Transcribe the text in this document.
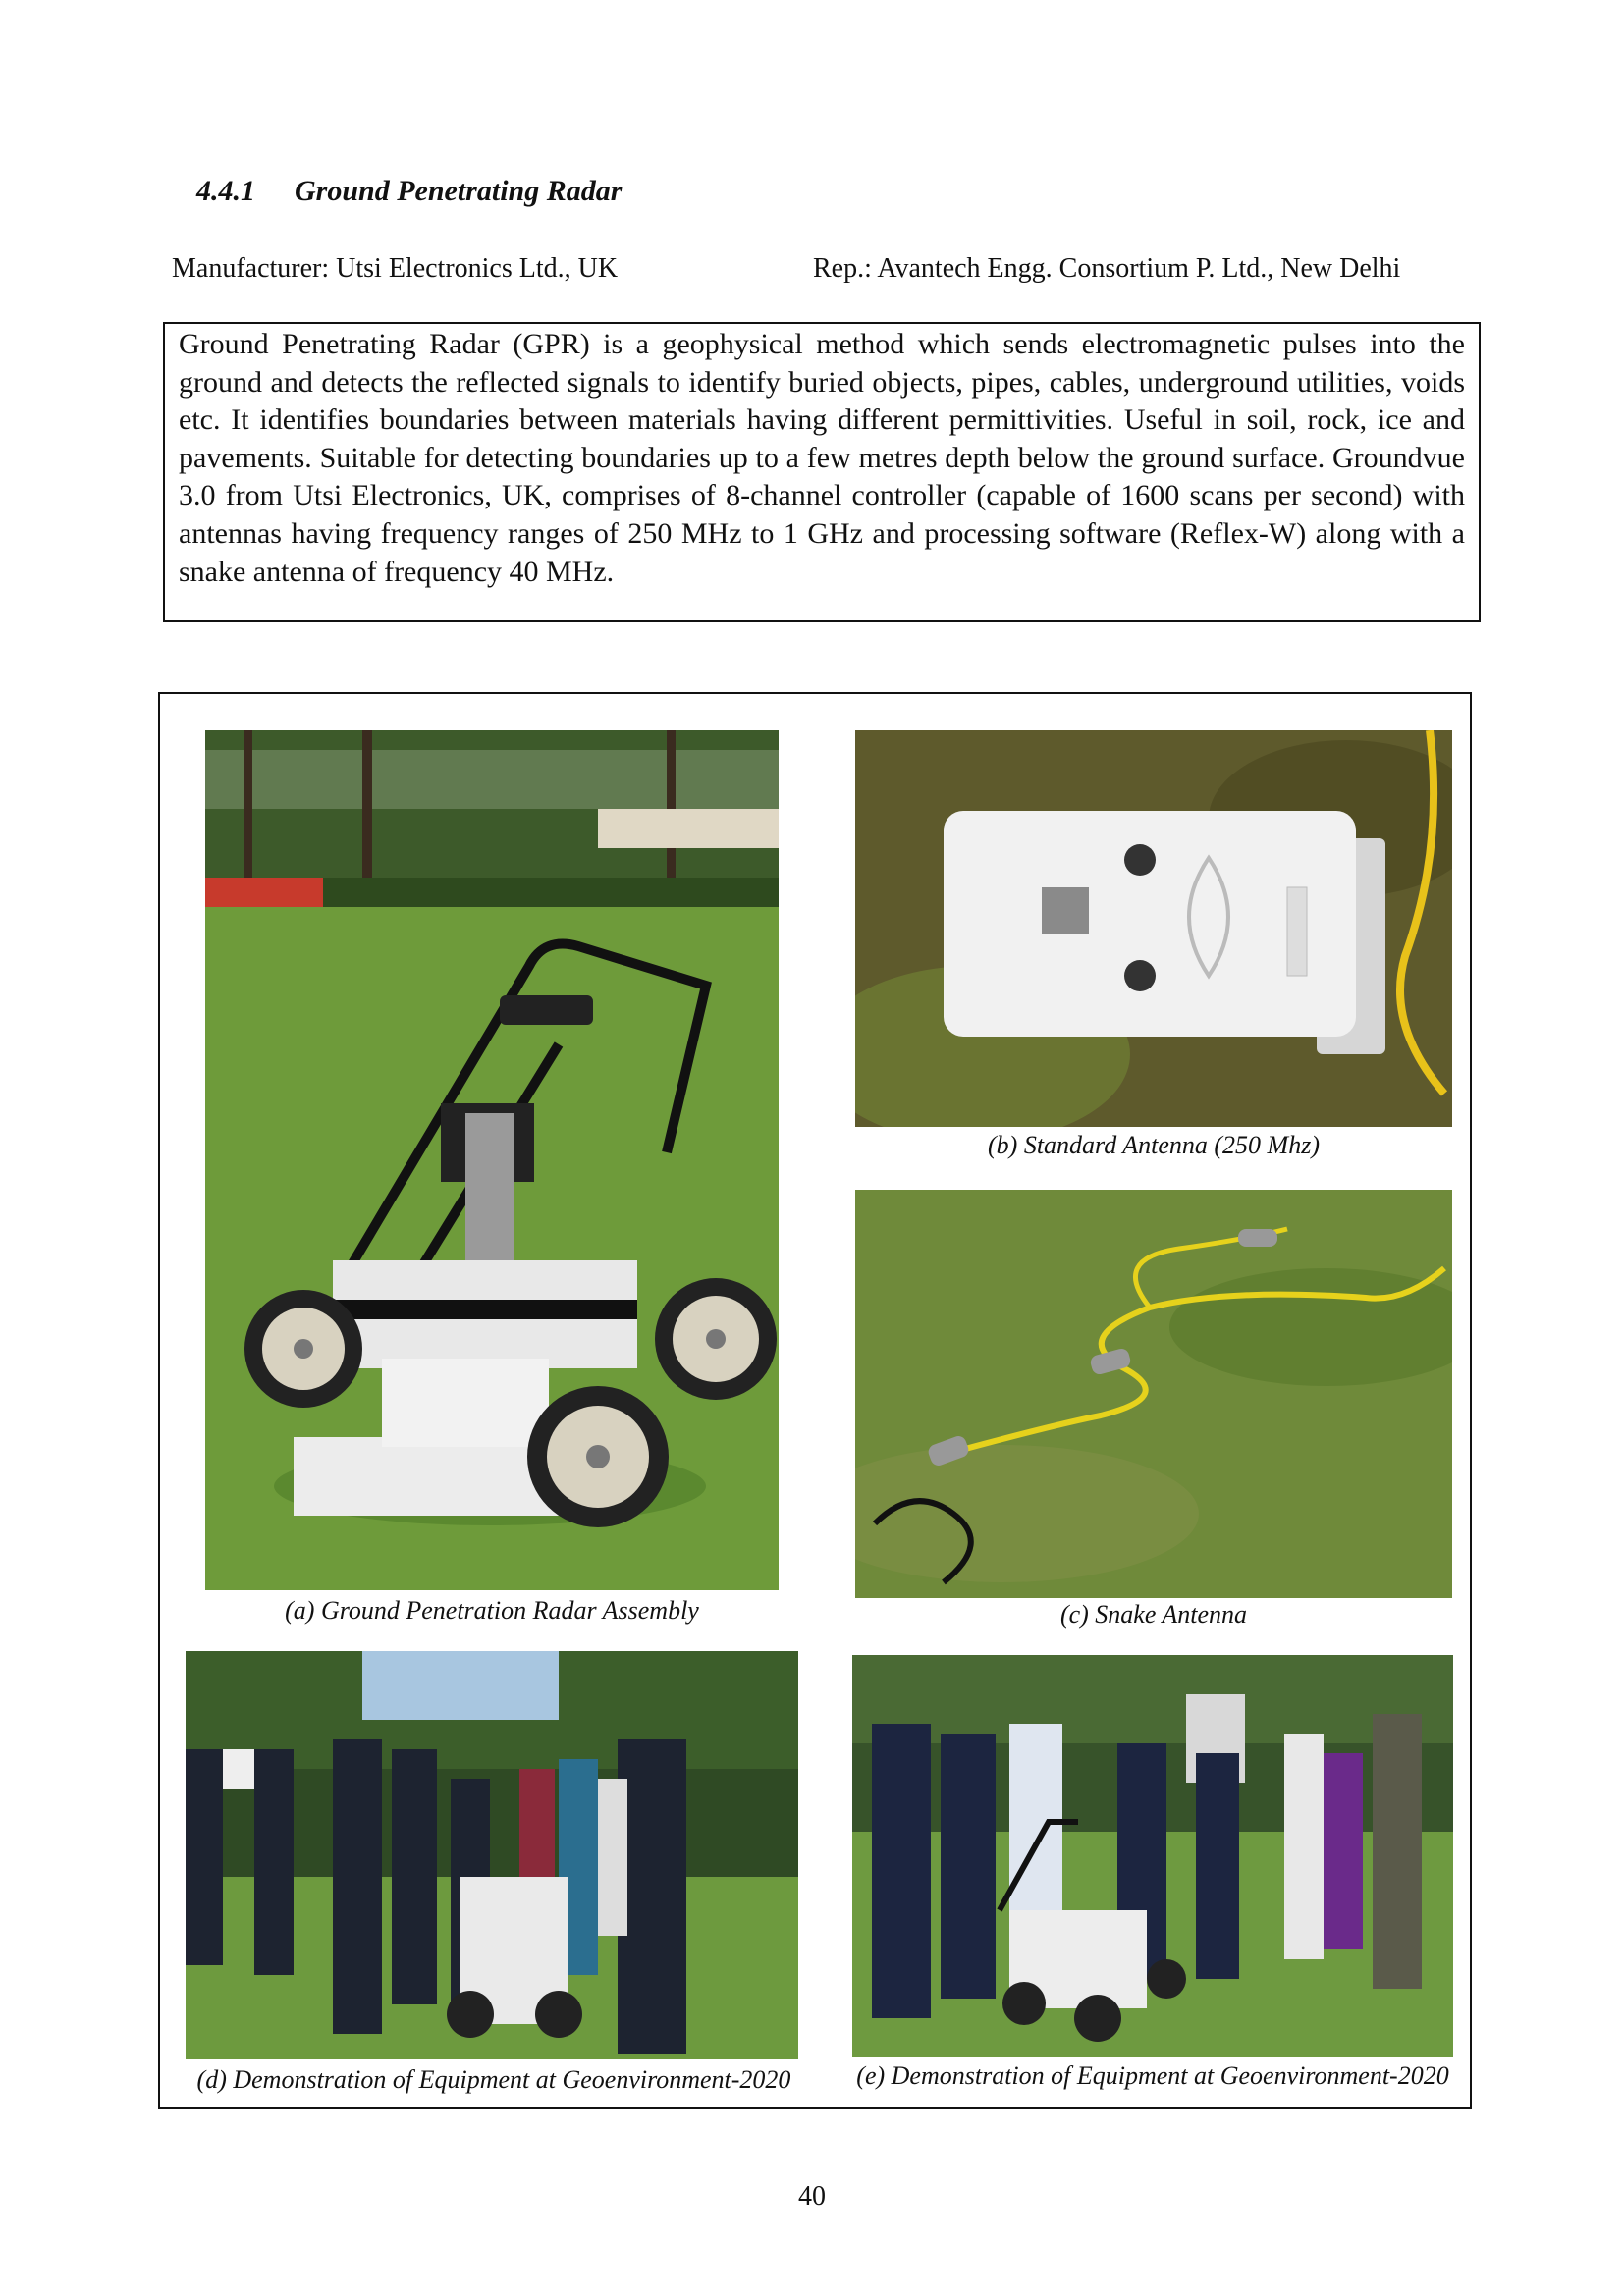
4.4.1 Ground Penetrating Radar
Manufacturer: Utsi Electronics Ltd., UK	Rep.: Avantech Engg. Consortium P. Ltd., New Delhi
Ground Penetrating Radar (GPR) is a geophysical method which sends electromagnetic pulses into the ground and detects the reflected signals to identify buried objects, pipes, cables, underground utilities, voids etc. It identifies boundaries between materials having different permittivities. Useful in soil, rock, ice and pavements. Suitable for detecting boundaries up to a few metres depth below the ground surface. Groundvue 3.0 from Utsi Electronics, UK, comprises of 8-channel controller (capable of 1600 scans per second) with antennas having frequency ranges of 250 MHz to 1 GHz and processing software (Reflex-W) along with a snake antenna of frequency 40 MHz.
(a) Ground Penetration Radar Assembly
(b) Standard Antenna (250 Mhz)
(c) Snake Antenna
(d) Demonstration of Equipment at Geoenvironment-2020	(e) Demonstration of Equipment at Geoenvironment-2020
40
